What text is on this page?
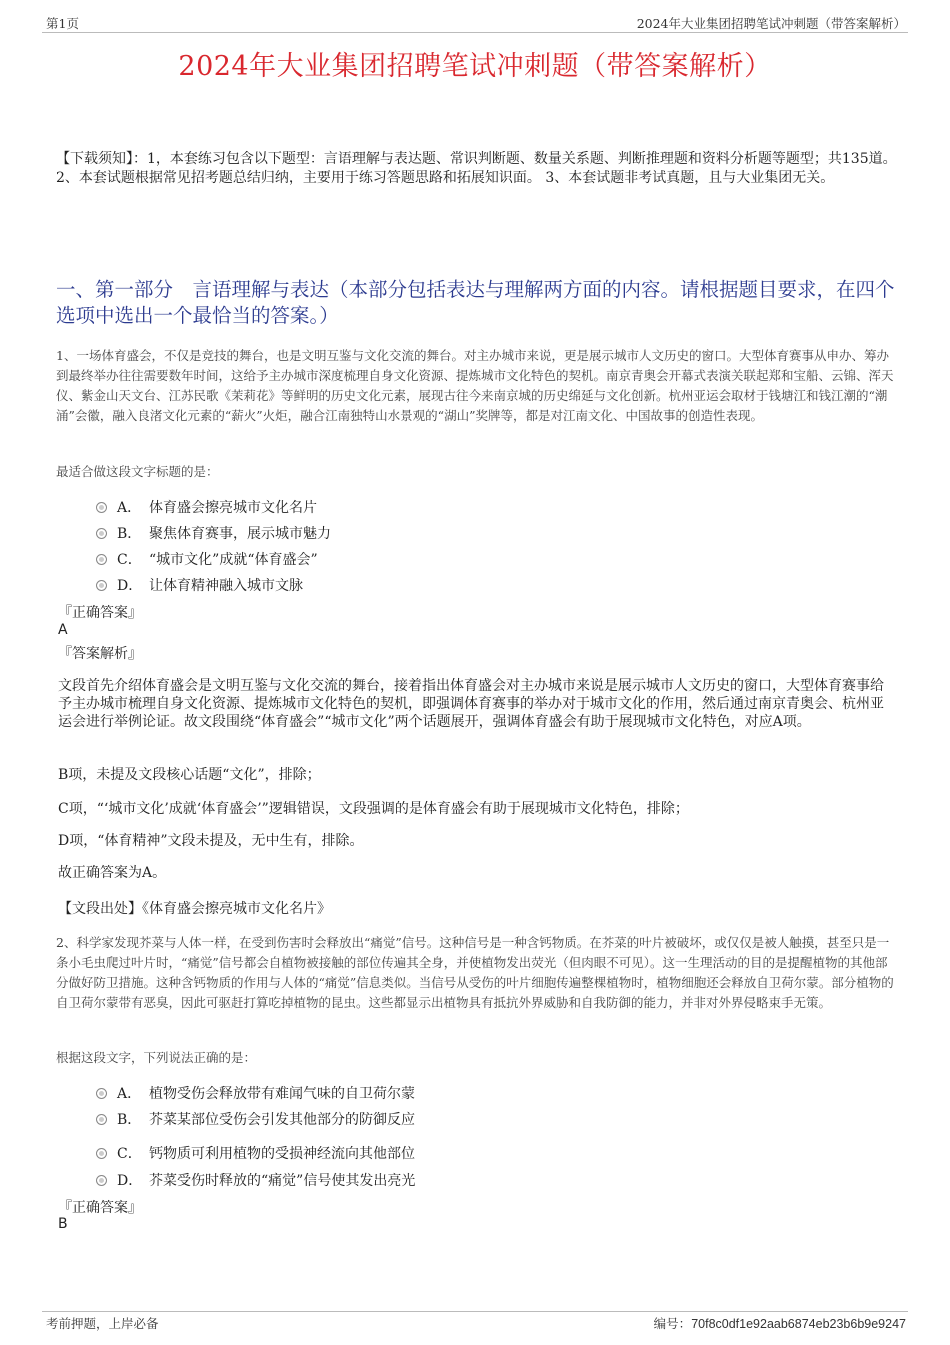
第1页	2024年大业集团招聘笔试冲刺题（带答案解析）
2024年大业集团招聘笔试冲刺题（带答案解析）
【下载须知】：1，本套练习包含以下题型：言语理解与表达题、常识判断题、数量关系题、判断推理题和资料分析题等题型；共135道。 2、本套试题根据常见招考题总结归纳，主要用于练习答题思路和拓展知识面。 3、本套试题非考试真题，且与大业集团无关。
一、第一部分　言语理解与表达（本部分包括表达与理解两方面的内容。请根据题目要求，在四个选项中选出一个最恰当的答案。）
1、一场体育盛会，不仅是竞技的舞台，也是文明互鉴与文化交流的舞台。对主办城市来说，更是展示城市人文历史的窗口。大型体育赛事从申办、筹办到最终举办往往需要数年时间，这给予主办城市深度梳理自身文化资源、提炼城市文化特色的契机。南京青奥会开幕式表演关联起郑和宝船、云锦、浑天仪、紫金山天文台、江苏民歌《茉莉花》等鲜明的历史文化元素，展现古往今来南京城的历史绵延与文化创新。杭州亚运会取材于钱塘江和钱江潮的“潮涌”会徽，融入良渚文化元素的“薪火”火炬，融合江南独特山水景观的“湖山”奖牌等，都是对江南文化、中国故事的创造性表现。
最适合做这段文字标题的是：
A． 体育盛会擦亮城市文化名片
B． 聚焦体育赛事，展示城市魅力
C． “城市文化”成就“体育盛会”
D． 让体育精神融入城市文脉
『正确答案』
A
『答案解析』
文段首先介绍体育盛会是文明互鉴与文化交流的舞台，接着指出体育盛会对主办城市来说是展示城市人文历史的窗口，大型体育赛事给予主办城市梳理自身文化资源、提炼城市文化特色的契机，即强调体育赛事的举办对于城市文化的作用，然后通过南京青奥会、杭州亚运会进行举例论证。故文段围绕“体育盛会”“城市文化”两个话题展开，强调体育盛会有助于展现城市文化特色，对应A项。
B项，未提及文段核心话题“文化”，排除；
C项，“‘城市文化’成就‘体育盛会’”逻辑错误，文段强调的是体育盛会有助于展现城市文化特色，排除；
D项，“体育精神”文段未提及，无中生有，排除。
故正确答案为A。
【文段出处】《体育盛会擦亮城市文化名片》
2、科学家发现芥菜与人体一样，在受到伤害时会释放出“痛觉”信号。这种信号是一种含钙物质。在芥菜的叶片被破坏，或仅仅是被人触摸，甚至只是一条小毛虫爬过叶片时，“痛觉”信号都会自植物被接触的部位传遍其全身，并使植物发出荧光（但肉眼不可见）。这一生理活动的目的是提醒植物的其他部分做好防卫措施。这种含钙物质的作用与人体的“痛觉”信息类似。当信号从受伤的叶片细胞传遍整棵植物时，植物细胞还会释放自卫荷尔蒙。部分植物的自卫荷尔蒙带有恶臭，因此可驱赶打算吃掉植物的昆虫。这些都显示出植物具有抵抗外界威胁和自我防御的能力，并非对外界侵略束手无策。
根据这段文字，下列说法正确的是：
A． 植物受伤会释放带有难闻气味的自卫荷尔蒙
B． 芥菜某部位受伤会引发其他部分的防御反应
C． 钙物质可利用植物的受损神经流向其他部位
D． 芥菜受伤时释放的“痛觉”信号使其发出亮光
『正确答案』
B
考前押题，上岸必备	编号：70f8c0df1e92aab6874eb23b6b9e9247
